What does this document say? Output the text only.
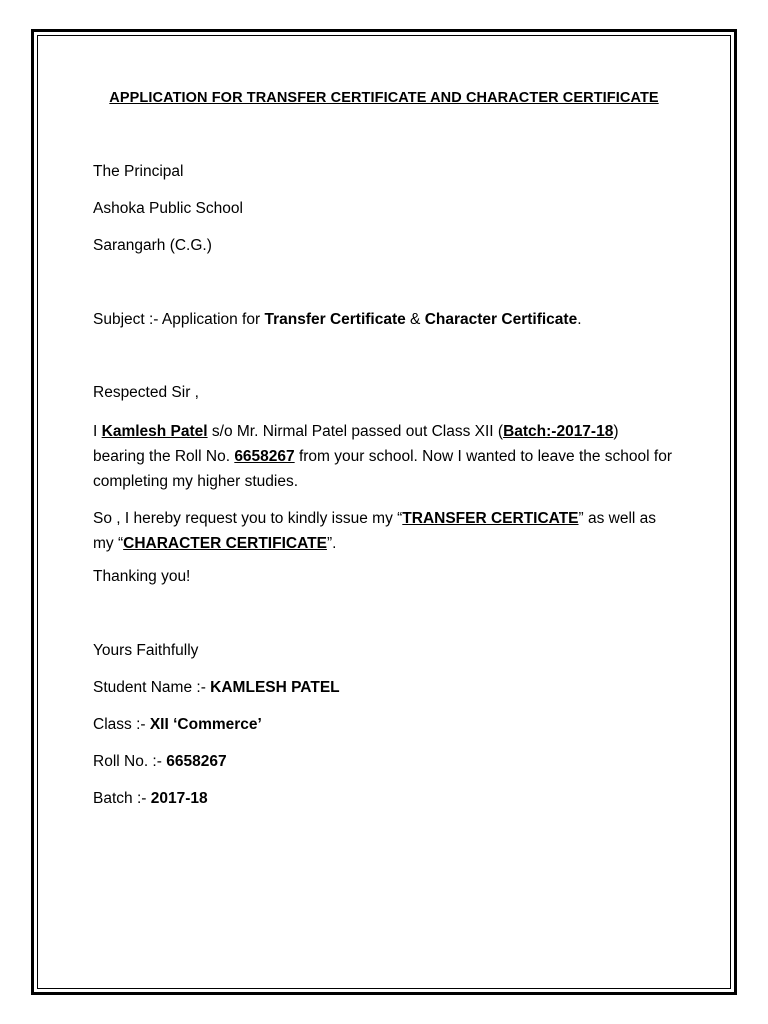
APPLICATION FOR TRANSFER CERTIFICATE AND CHARACTER CERTIFICATE
The Principal
Ashoka Public School
Sarangarh (C.G.)
Subject :- Application for Transfer Certificate & Character Certificate.
Respected Sir ,
I Kamlesh Patel s/o Mr. Nirmal Patel passed out Class XII (Batch:-2017-18) bearing the Roll No. 6658267 from your school. Now I wanted to leave the school for completing my higher studies.
So , I hereby request you to kindly issue my “TRANSFER CERTICATE” as well as my “CHARACTER CERTIFICATE”.
Thanking you!
Yours Faithfully
Student Name :- KAMLESH PATEL
Class :- XII ‘Commerce’
Roll No. :- 6658267
Batch :- 2017-18
